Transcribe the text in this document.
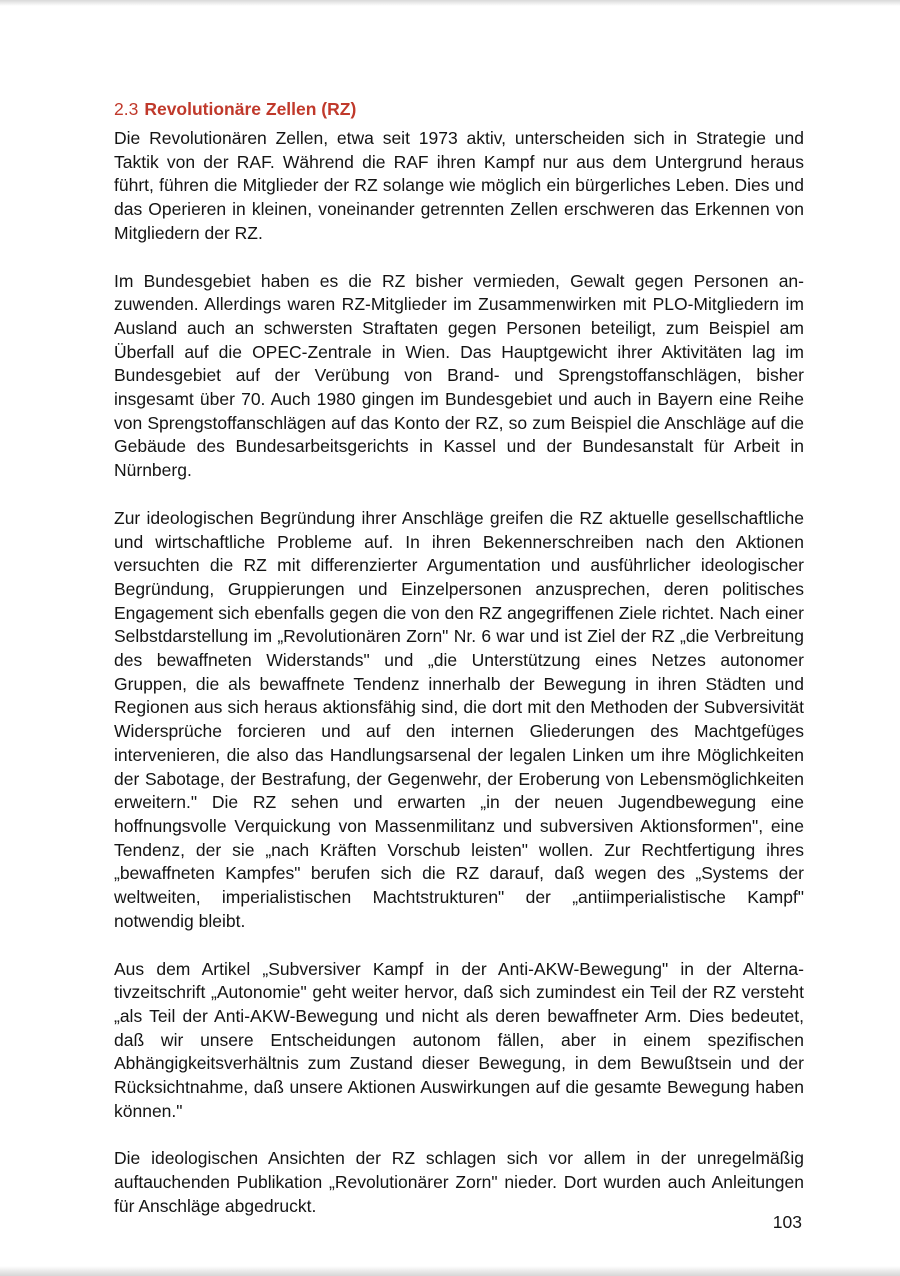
2.3 Revolutionäre Zellen (RZ)

Die Revolutionären Zellen, etwa seit 1973 aktiv, unterscheiden sich in Strategie und Taktik von der RAF. Während die RAF ihren Kampf nur aus dem Untergrund heraus führt, führen die Mitglieder der RZ solange wie möglich ein bürgerliches Leben. Dies und das Operieren in kleinen, voneinander getrennten Zellen erschweren das Erkennen von Mitgliedern der RZ.

Im Bundesgebiet haben es die RZ bisher vermieden, Gewalt gegen Personen anzuwenden. Allerdings waren RZ-Mitglieder im Zusammenwirken mit PLO-Mitgliedern im Ausland auch an schwersten Straftaten gegen Personen beteiligt, zum Beispiel am Überfall auf die OPEC-Zentrale in Wien. Das Hauptgewicht ihrer Aktivitäten lag im Bundesgebiet auf der Verübung von Brand- und Sprengstoffanschlägen, bisher insgesamt über 70. Auch 1980 gingen im Bundesgebiet und auch in Bayern eine Reihe von Sprengstoffanschlägen auf das Konto der RZ, so zum Beispiel die Anschläge auf die Gebäude des Bundesarbeitsgerichts in Kassel und der Bundesanstalt für Arbeit in Nürnberg.

Zur ideologischen Begründung ihrer Anschläge greifen die RZ aktuelle gesellschaftliche und wirtschaftliche Probleme auf. In ihren Bekennerschreiben nach den Aktionen versuchten die RZ mit differenzierter Argumentation und ausführlicher ideologischer Begründung, Gruppierungen und Einzelpersonen anzusprechen, deren politisches Engagement sich ebenfalls gegen die von den RZ angegriffenen Ziele richtet. Nach einer Selbstdarstellung im „Revolutionären Zorn" Nr. 6 war und ist Ziel der RZ „die Verbreitung des bewaffneten Widerstands" und „die Unterstützung eines Netzes autonomer Gruppen, die als bewaffnete Tendenz innerhalb der Bewegung in ihren Städten und Regionen aus sich heraus aktionsfähig sind, die dort mit den Methoden der Subversivität Widersprüche forcieren und auf den internen Gliederungen des Machtgefüges intervenieren, die also das Handlungsarsenal der legalen Linken um ihre Möglichkeiten der Sabotage, der Bestrafung, der Gegenwehr, der Eroberung von Lebensmöglichkeiten erweitern." Die RZ sehen und erwarten „in der neuen Jugendbewegung eine hoffnungsvolle Verquickung von Massenmilitanz und subversiven Aktionsformen", eine Tendenz, der sie „nach Kräften Vorschub leisten" wollen. Zur Rechtfertigung ihres „bewaffneten Kampfes" berufen sich die RZ darauf, daß wegen des „Systems der weltweiten, imperialistischen Machtstrukturen" der „antiimperialistische Kampf" notwendig bleibt.

Aus dem Artikel „Subversiver Kampf in der Anti-AKW-Bewegung" in der Alternativzeitschrift „Autonomie" geht weiter hervor, daß sich zumindest ein Teil der RZ versteht „als Teil der Anti-AKW-Bewegung und nicht als deren bewaffneter Arm. Dies bedeutet, daß wir unsere Entscheidungen autonom fällen, aber in einem spezifischen Abhängigkeitsverhältnis zum Zustand dieser Bewegung, in dem Bewußtsein und der Rücksichtnahme, daß unsere Aktionen Auswirkungen auf die gesamte Bewegung haben können."

Die ideologischen Ansichten der RZ schlagen sich vor allem in der unregelmäßig auftauchenden Publikation „Revolutionärer Zorn" nieder. Dort wurden auch Anleitungen für Anschläge abgedruckt.

103
